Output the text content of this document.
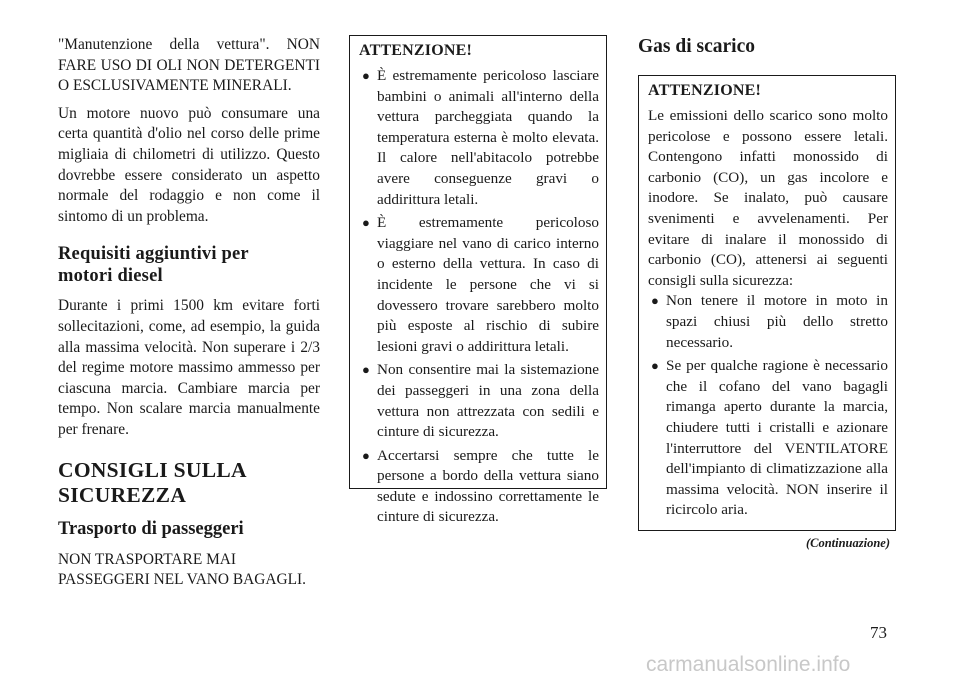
"Manutenzione della vettura". NON FARE USO DI OLI NON DETERGENTI O ESCLUSIVAMENTE MINERALI.

Un motore nuovo può consumare una certa quantità d'olio nel corso delle prime migliaia di chilometri di utilizzo. Questo dovrebbe essere considerato un aspetto normale del rodaggio e non come il sintomo di un problema.

Requisiti aggiuntivi per
motori diesel

Durante i primi 1500 km evitare forti sollecitazioni, come, ad esempio, la guida alla massima velocità. Non superare i 2/3 del regime motore massimo ammesso per ciascuna marcia. Cambiare marcia per tempo. Non scalare marcia manualmente per frenare.

CONSIGLI SULLA
SICUREZZA
Trasporto di passeggeri

NON TRASPORTARE MAI PASSEGGERI NEL VANO BAGAGLI.

ATTENZIONE!
● È estremamente pericoloso lasciare bambini o animali all'interno della vettura parcheggiata quando la temperatura esterna è molto elevata. Il calore nell'abitacolo potrebbe avere conseguenze gravi o addirittura letali.
● È estremamente pericoloso viaggiare nel vano di carico interno o esterno della vettura. In caso di incidente le persone che vi si dovessero trovare sarebbero molto più esposte al rischio di subire lesioni gravi o addirittura letali.
● Non consentire mai la sistemazione dei passeggeri in una zona della vettura non attrezzata con sedili e cinture di sicurezza.
● Accertarsi sempre che tutte le persone a bordo della vettura siano sedute e indossino correttamente le cinture di sicurezza.
Gas di scarico
ATTENZIONE!

Le emissioni dello scarico sono molto pericolose e possono essere letali. Contengono infatti monossido di carbonio (CO), un gas incolore e inodore. Se inalato, può causare svenimenti e avvelenamenti. Per evitare di inalare il monossido di carbonio (CO), attenersi ai seguenti consigli sulla sicurezza:

● Non tenere il motore in moto in spazi chiusi più dello stretto necessario.
● Se per qualche ragione è necessario che il cofano del vano bagagli rimanga aperto durante la marcia, chiudere tutti i cristalli e azionare l'interruttore del VENTILATORE dell'impianto di climatizzazione alla massima velocità. NON inserire il ricircolo aria.
(Continuazione)
73
carmanualsonline.info
